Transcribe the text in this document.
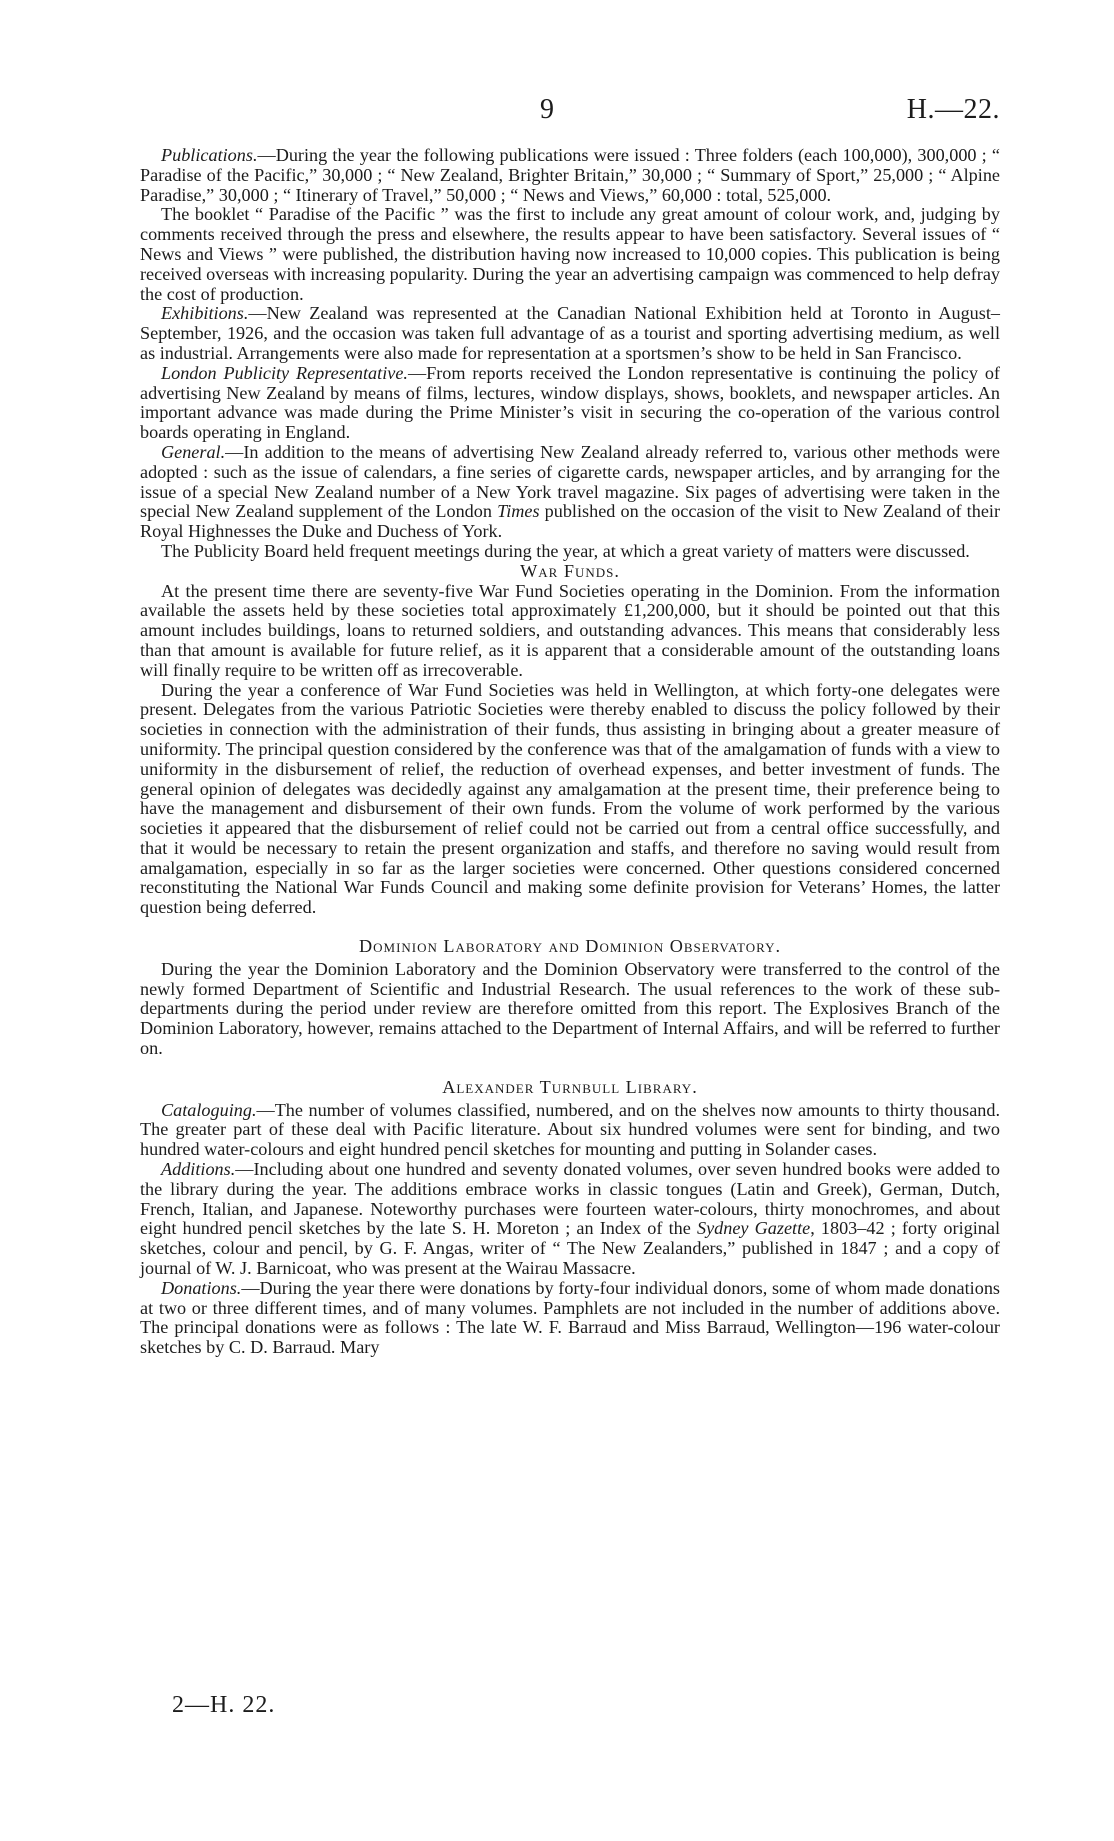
9	H.—22.

Publications.—During the year the following publications were issued : Three folders (each 100,000), 300,000 ; “ Paradise of the Pacific,” 30,000 ; “ New Zealand, Brighter Britain,” 30,000 ; “ Summary of Sport,” 25,000 ; “ Alpine Paradise,” 30,000 ; “ Itinerary of Travel,” 50,000 ; “ News and Views,” 60,000 : total, 525,000.

The booklet “ Paradise of the Pacific ” was the first to include any great amount of colour work, and, judging by comments received through the press and elsewhere, the results appear to have been satisfactory. Several issues of “ News and Views ” were published, the distribution having now increased to 10,000 copies. This publication is being received overseas with increasing popularity. During the year an advertising campaign was commenced to help defray the cost of production.

Exhibitions.—New Zealand was represented at the Canadian National Exhibition held at Toronto in August–September, 1926, and the occasion was taken full advantage of as a tourist and sporting advertising medium, as well as industrial. Arrangements were also made for representation at a sportsmen’s show to be held in San Francisco.

London Publicity Representative.—From reports received the London representative is continuing the policy of advertising New Zealand by means of films, lectures, window displays, shows, booklets, and newspaper articles. An important advance was made during the Prime Minister’s visit in securing the co-operation of the various control boards operating in England.

General.—In addition to the means of advertising New Zealand already referred to, various other methods were adopted : such as the issue of calendars, a fine series of cigarette cards, newspaper articles, and by arranging for the issue of a special New Zealand number of a New York travel magazine. Six pages of advertising were taken in the special New Zealand supplement of the London Times published on the occasion of the visit to New Zealand of their Royal Highnesses the Duke and Duchess of York.

The Publicity Board held frequent meetings during the year, at which a great variety of matters were discussed.

War Funds.

At the present time there are seventy-five War Fund Societies operating in the Dominion. From the information available the assets held by these societies total approximately £1,200,000, but it should be pointed out that this amount includes buildings, loans to returned soldiers, and outstanding advances. This means that considerably less than that amount is available for future relief, as it is apparent that a considerable amount of the outstanding loans will finally require to be written off as irrecoverable.

During the year a conference of War Fund Societies was held in Wellington, at which forty-one delegates were present. Delegates from the various Patriotic Societies were thereby enabled to discuss the policy followed by their societies in connection with the administration of their funds, thus assisting in bringing about a greater measure of uniformity. The principal question considered by the conference was that of the amalgamation of funds with a view to uniformity in the disbursement of relief, the reduction of overhead expenses, and better investment of funds. The general opinion of delegates was decidedly against any amalgamation at the present time, their preference being to have the management and disbursement of their own funds. From the volume of work performed by the various societies it appeared that the disbursement of relief could not be carried out from a central office successfully, and that it would be necessary to retain the present organization and staffs, and therefore no saving would result from amalgamation, especially in so far as the larger societies were concerned. Other questions considered concerned reconstituting the National War Funds Council and making some definite provision for Veterans’ Homes, the latter question being deferred.

Dominion Laboratory and Dominion Observatory.

During the year the Dominion Laboratory and the Dominion Observatory were transferred to the control of the newly formed Department of Scientific and Industrial Research. The usual references to the work of these sub-departments during the period under review are therefore omitted from this report. The Explosives Branch of the Dominion Laboratory, however, remains attached to the Department of Internal Affairs, and will be referred to further on.

Alexander Turnbull Library.

Cataloguing.—The number of volumes classified, numbered, and on the shelves now amounts to thirty thousand. The greater part of these deal with Pacific literature. About six hundred volumes were sent for binding, and two hundred water-colours and eight hundred pencil sketches for mounting and putting in Solander cases.

Additions.—Including about one hundred and seventy donated volumes, over seven hundred books were added to the library during the year. The additions embrace works in classic tongues (Latin and Greek), German, Dutch, French, Italian, and Japanese. Noteworthy purchases were fourteen water-colours, thirty monochromes, and about eight hundred pencil sketches by the late S. H. Moreton ; an Index of the Sydney Gazette, 1803–42 ; forty original sketches, colour and pencil, by G. F. Angas, writer of “ The New Zealanders,” published in 1847 ; and a copy of journal of W. J. Barnicoat, who was present at the Wairau Massacre.

Donations.—During the year there were donations by forty-four individual donors, some of whom made donations at two or three different times, and of many volumes. Pamphlets are not included in the number of additions above. The principal donations were as follows : The late W. F. Barraud and Miss Barraud, Wellington—196 water-colour sketches by C. D. Barraud. Mary

2—H. 22.
